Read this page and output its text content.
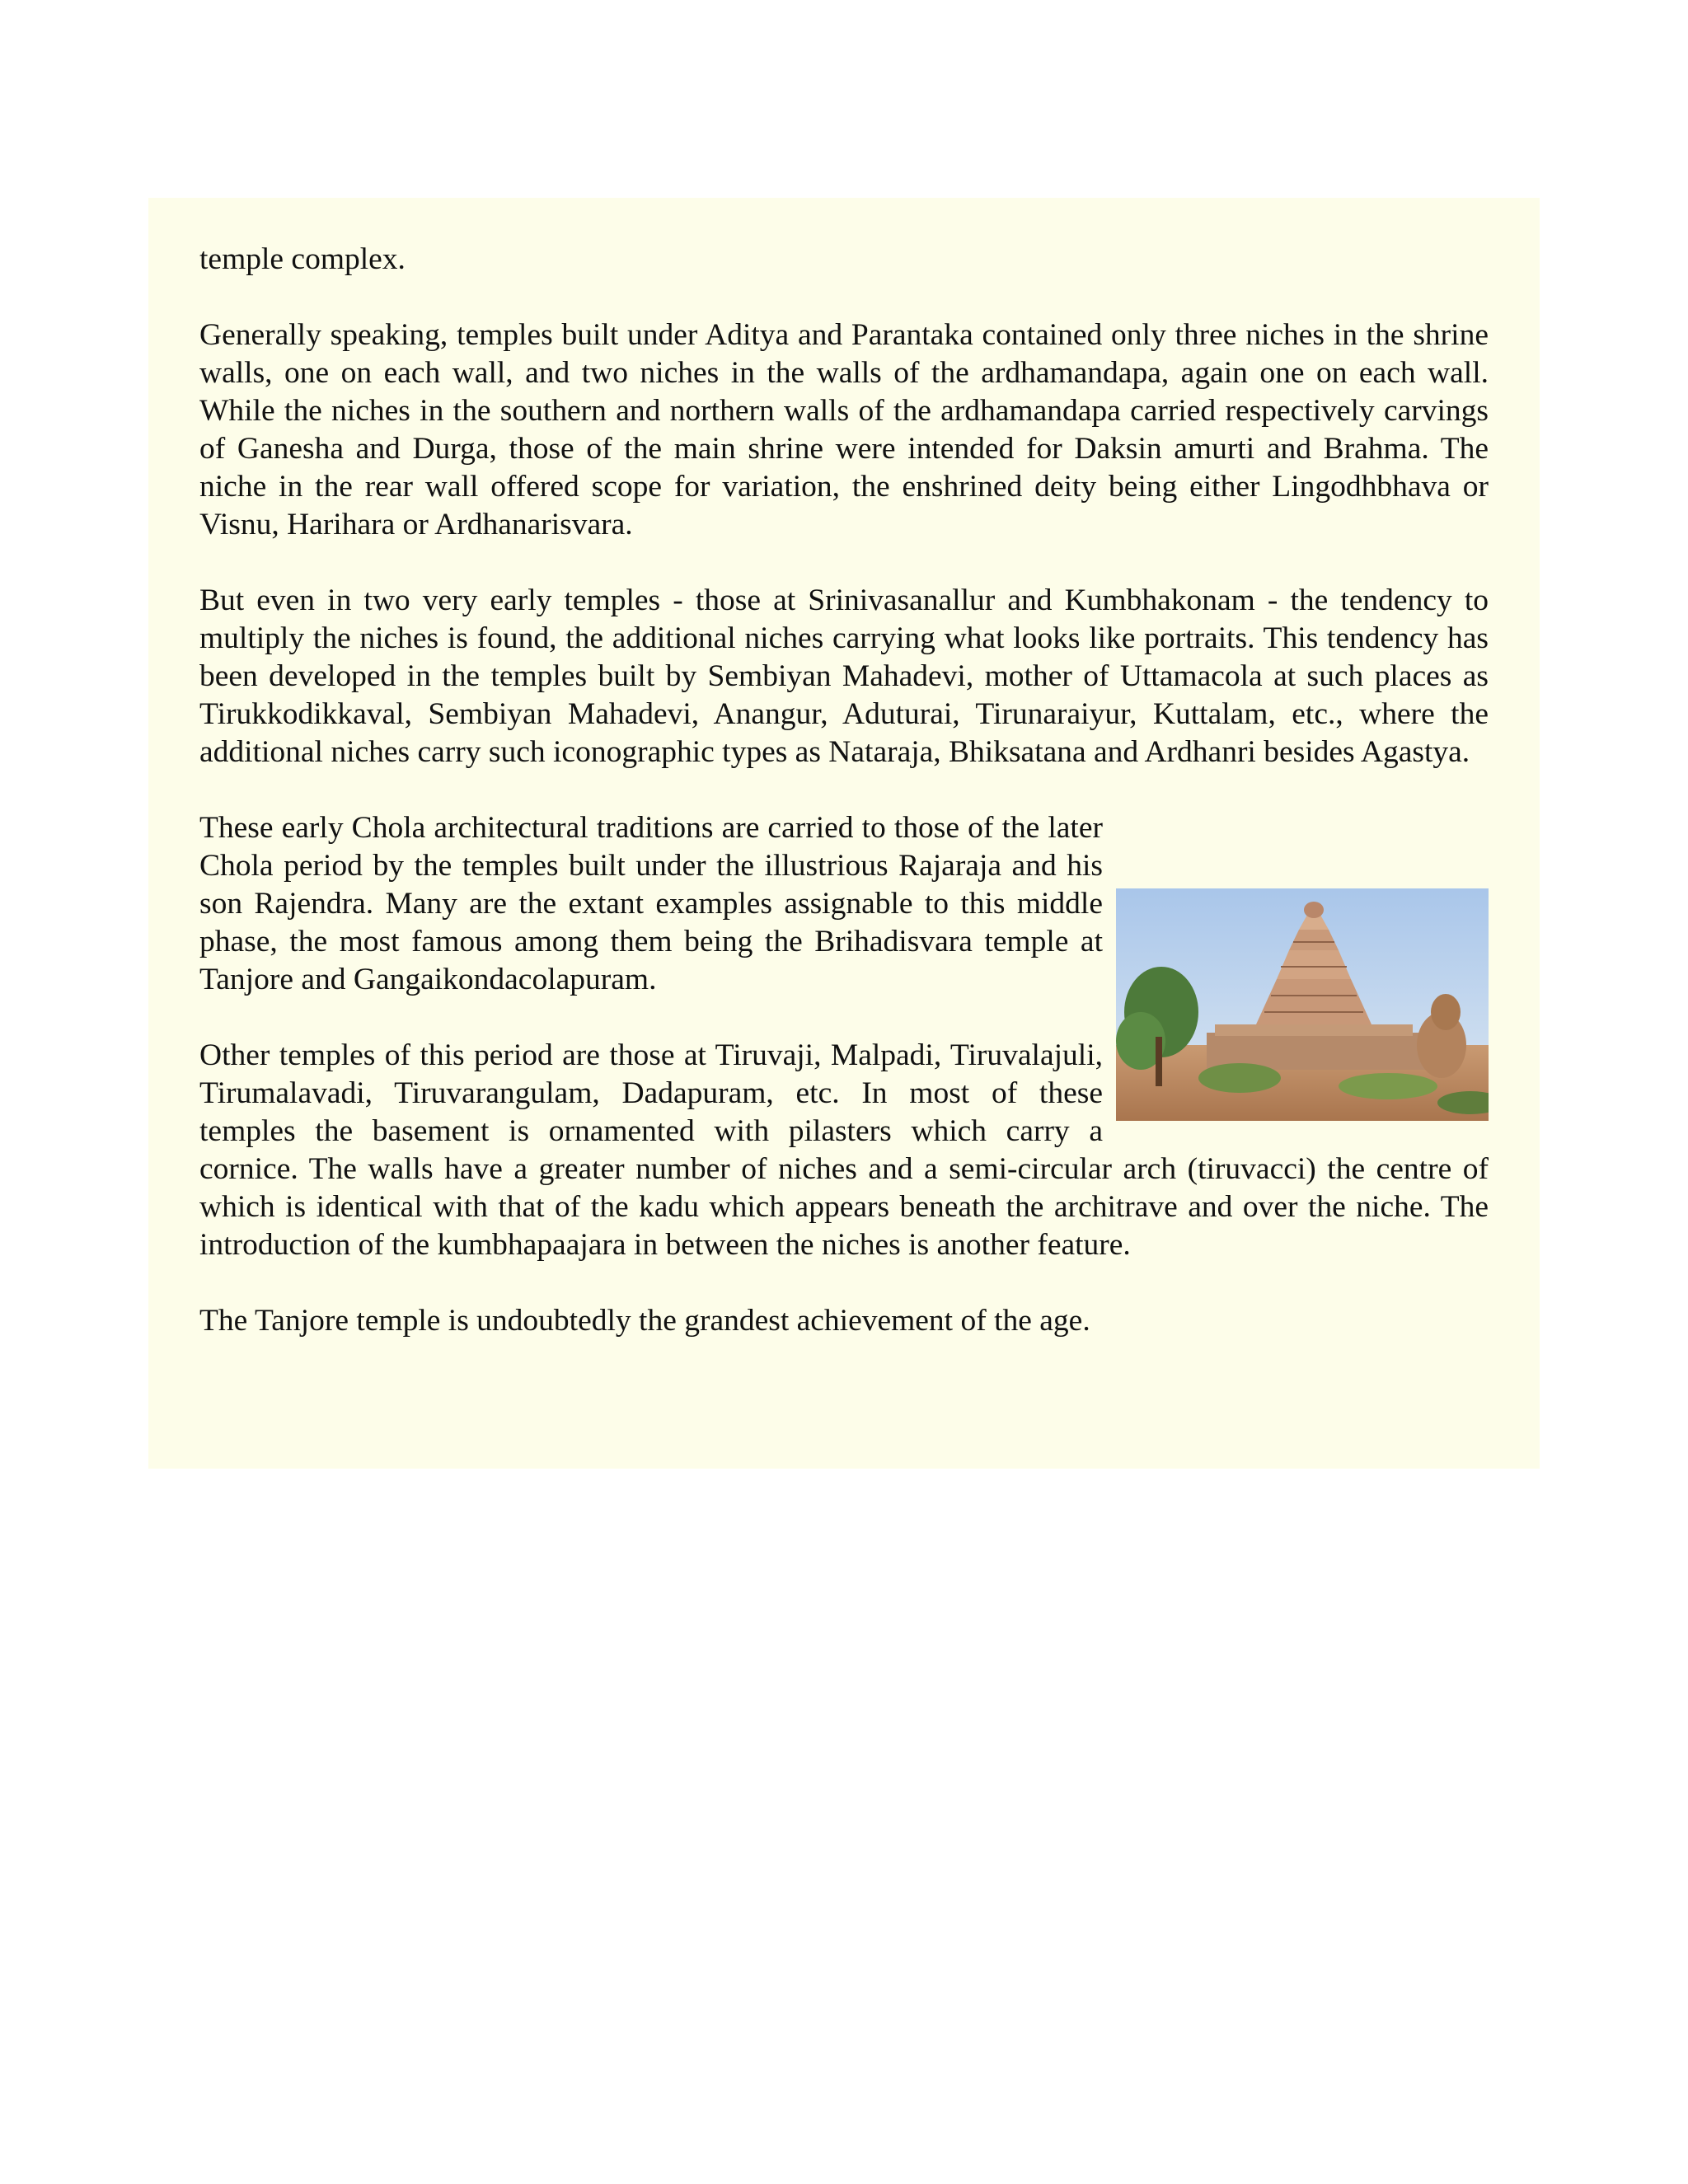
temple complex.

Generally speaking, temples built under Aditya and Parantaka contained only three niches in the shrine walls, one on each wall, and two niches in the walls of the ardhamandapa, again one on each wall. While the niches in the southern and northern walls of the ardhamandapa carried respectively carvings of Ganesha and Durga, those of the main shrine were intended for Daksin amurti and Brahma. The niche in the rear wall offered scope for variation, the enshrined deity being either Lingodhbhava or Visnu, Harihara or Ardhanarisvara.

But even in two very early temples - those at Srinivasanallur and Kumbhakonam - the tendency to multiply the niches is found, the additional niches carrying what looks like portraits. This tendency has been developed in the temples built by Sembiyan Mahadevi, mother of Uttamacola at such places as Tirukkodikkaval, Sembiyan Mahadevi, Anangur, Aduturai, Tirunaraiyur, Kuttalam, etc., where the additional niches carry such iconographic types as Nataraja, Bhiksatana and Ardhanri besides Agastya.

These early Chola architectural traditions are carried to those of the later Chola period by the temples built under the illustrious Rajaraja and his son Rajendra. Many are the extant examples assignable to this middle phase, the most famous among them being the Brihadisvara temple at Tanjore and Gangaikondacolapuram.

Other temples of this period are those at Tiruvaji, Malpadi, Tiruvalajuli, Tirumalavadi, Tiruvarangulam, Dadapuram, etc. In most of these temples the basement is ornamented with pilasters which carry a cornice. The walls have a greater number of niches and a semi-circular arch (tiruvacci) the centre of which is identical with that of the kadu which appears beneath the architrave and over the niche. The introduction of the kumbhapaajara in between the niches is another feature.

The Tanjore temple is undoubtedly the grandest achievement of the age.
